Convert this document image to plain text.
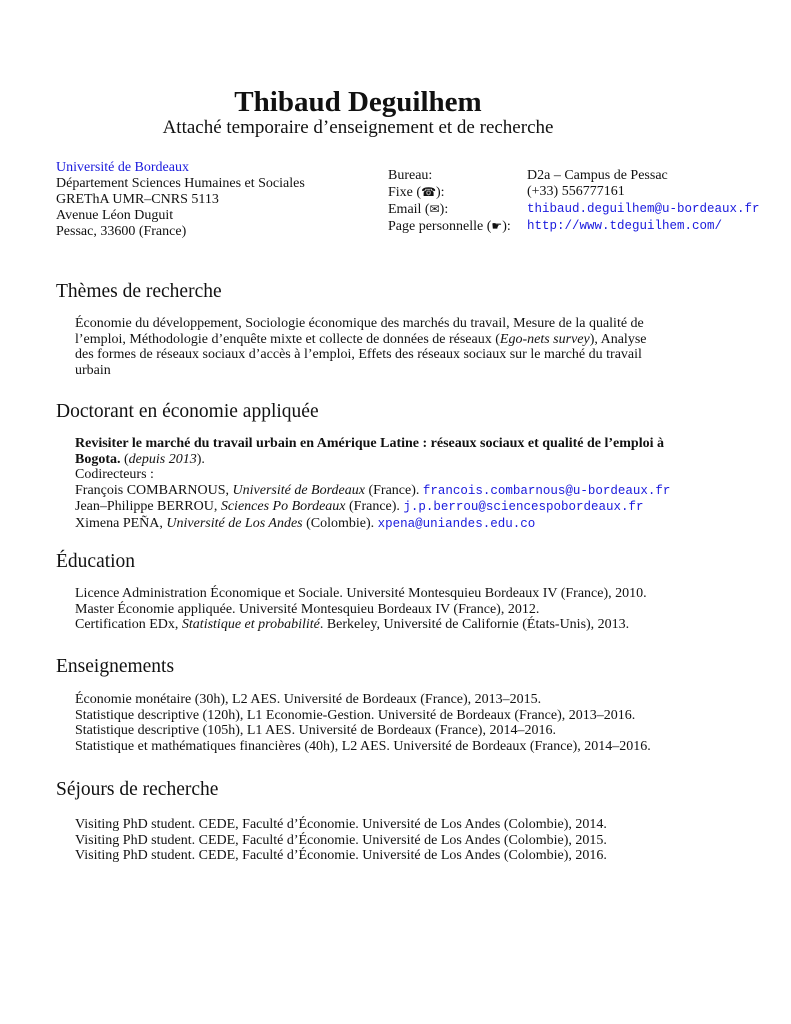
Thibaud Deguilhem
Attaché temporaire d’enseignement et de recherche
Université de Bordeaux
Département Sciences Humaines et Sociales
GREThA UMR–CNRS 5113
Avenue Léon Duguit
Pessac, 33600 (France)
Bureau:	D2a – Campus de Pessac
Fixe (☎):	(+33) 556777161
Email (✉):	thibaud.deguilhem@u-bordeaux.fr
Page personnelle (☛):	http://www.tdeguilhem.com/
Thèmes de recherche
Économie du développement, Sociologie économique des marchés du travail, Mesure de la qualité de
l’emploi, Méthodologie d’enquête mixte et collecte de données de réseaux (Ego-nets survey), Analyse
des formes de réseaux sociaux d’accès à l’emploi, Effets des réseaux sociaux sur le marché du travail
urbain
Doctorant en économie appliquée
Revisiter le marché du travail urbain en Amérique Latine : réseaux sociaux et qualité de l’emploi à
Bogota. (depuis 2013).
Codirecteurs :
François COMBARNOUS, Université de Bordeaux (France). francois.combarnous@u-bordeaux.fr
Jean–Philippe BERROU, Sciences Po Bordeaux (France). j.p.berrou@sciencespobordeaux.fr
Ximena PEÑA, Université de Los Andes (Colombie). xpena@uniandes.edu.co
Éducation
Licence Administration Économique et Sociale. Université Montesquieu Bordeaux IV (France), 2010.
Master Économie appliquée. Université Montesquieu Bordeaux IV (France), 2012.
Certification EDx, Statistique et probabilité. Berkeley, Université de Californie (États-Unis), 2013.
Enseignements
Économie monétaire (30h), L2 AES. Université de Bordeaux (France), 2013–2015.
Statistique descriptive (120h), L1 Economie-Gestion. Université de Bordeaux (France), 2013–2016.
Statistique descriptive (105h), L1 AES. Université de Bordeaux (France), 2014–2016.
Statistique et mathématiques financières (40h), L2 AES. Université de Bordeaux (France), 2014–2016.
Séjours de recherche
Visiting PhD student. CEDE, Faculté d’Économie. Université de Los Andes (Colombie), 2014.
Visiting PhD student. CEDE, Faculté d’Économie. Université de Los Andes (Colombie), 2015.
Visiting PhD student. CEDE, Faculté d’Économie. Université de Los Andes (Colombie), 2016.
